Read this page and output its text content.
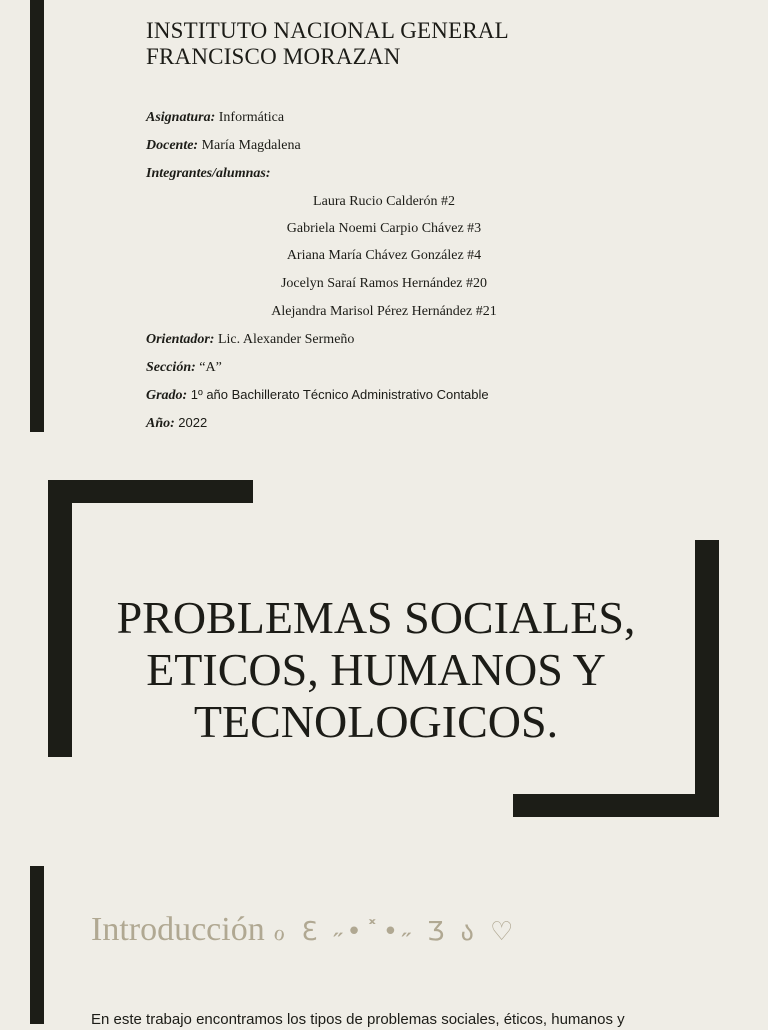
INSTITUTO NACIONAL GENERAL
FRANCISCO MORAZAN
Asignatura: Informática
Docente: María Magdalena
Integrantes/alumnas:
Laura Rucio Calderón #2
Gabriela Noemi Carpio Chávez #3
Ariana María Chávez González #4
Jocelyn Saraí Ramos Hernández #20
Alejandra Marisol Pérez Hernández #21
Orientador: Lic. Alexander Sermeño
Sección: “A”
Grado: 1º año Bachillerato Técnico Administrativo Contable
Año: 2022
PROBLEMAS SOCIALES,
ETICOS, HUMANOS Y
TECNOLOGICOS.
Introducción ℴ ℇ ˶•˟•˶ Ʒ ა ♡
En este trabajo encontramos los tipos de problemas sociales, éticos, humanos y
